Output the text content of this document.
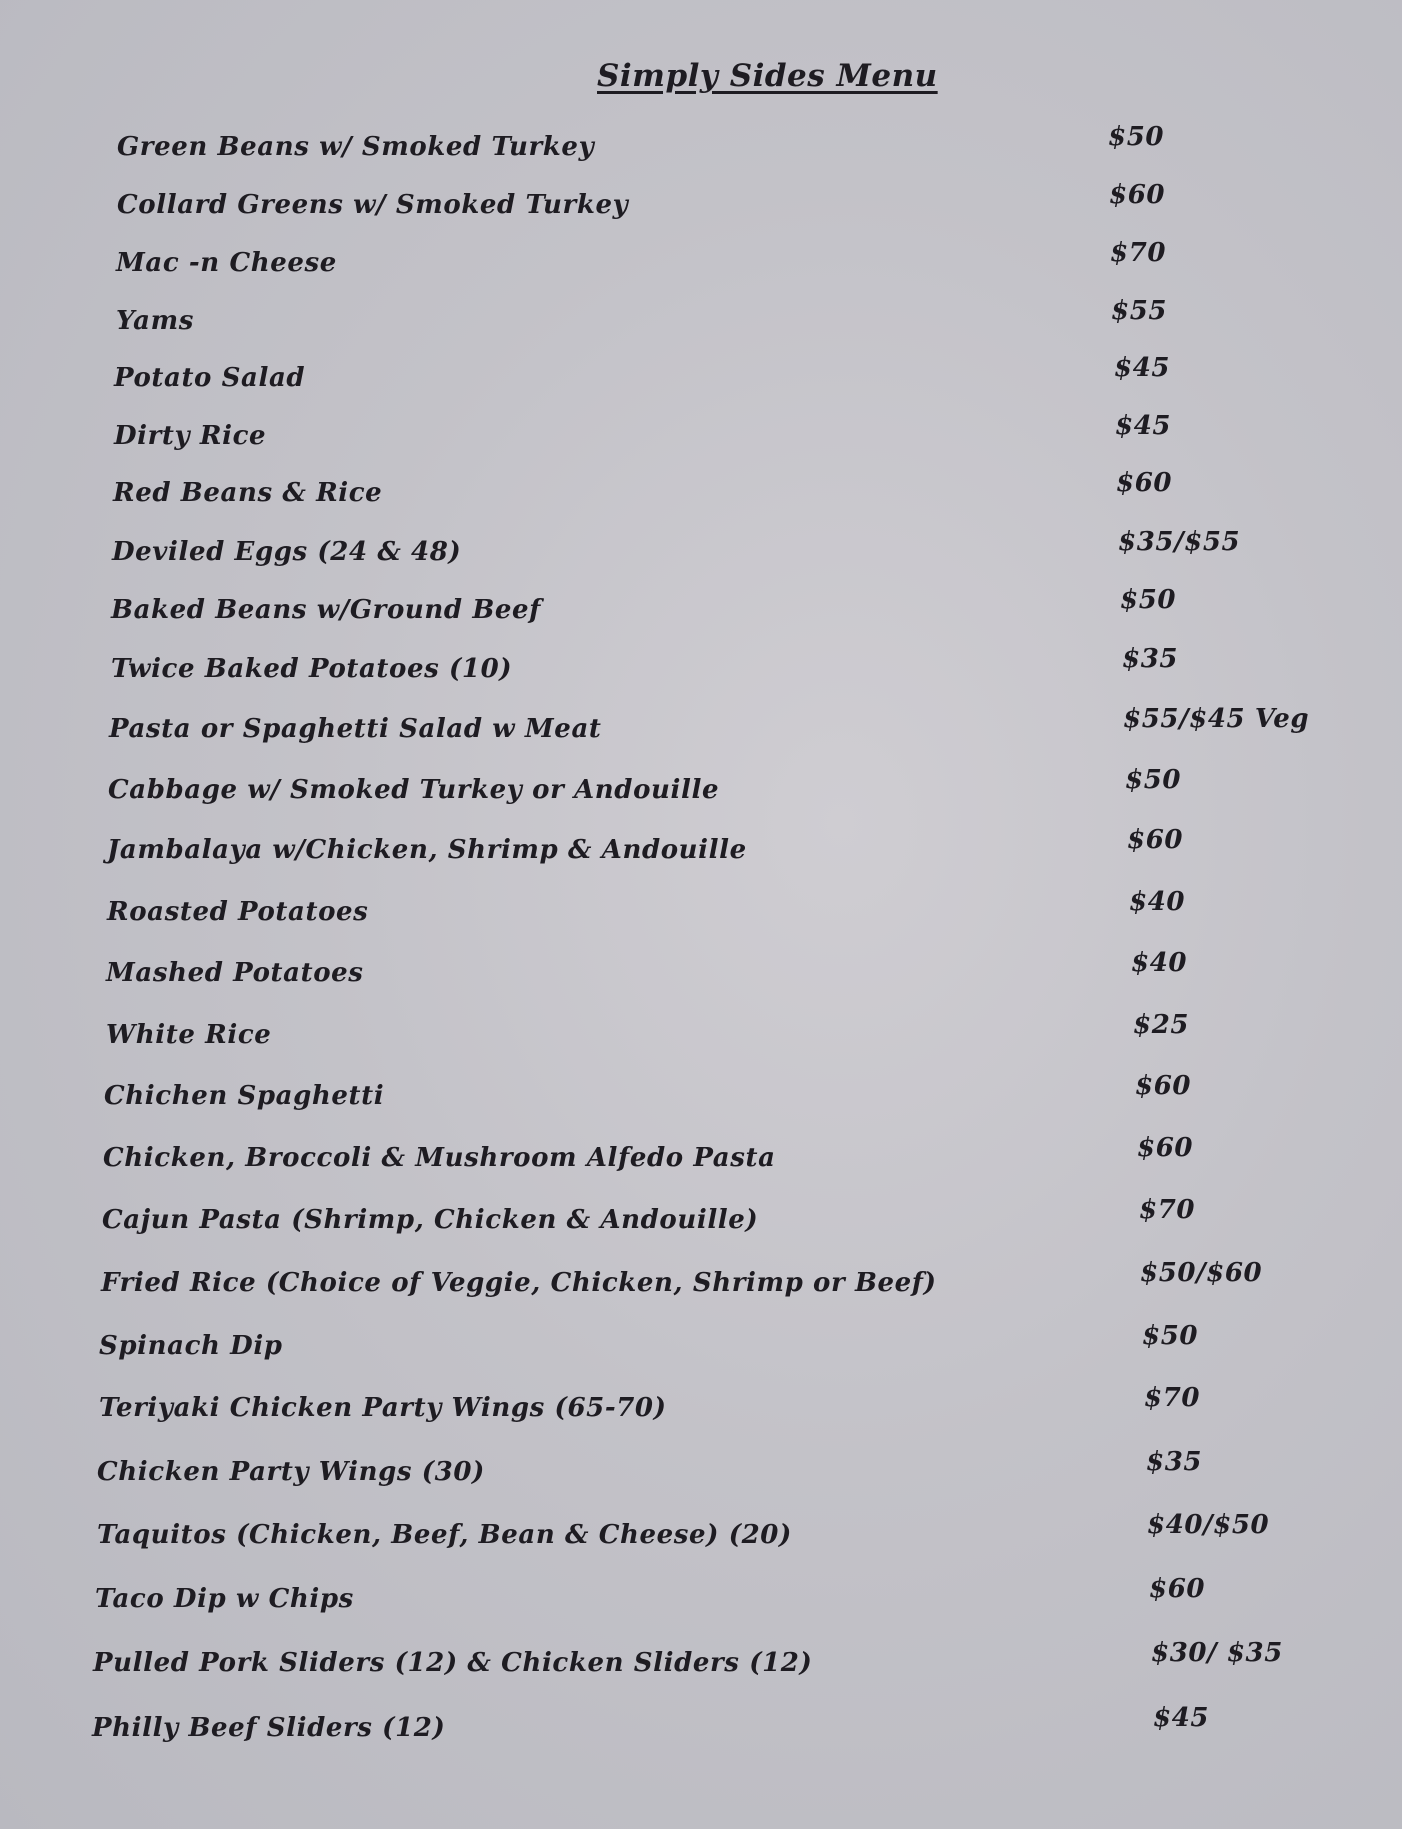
Simply Sides Menu
Green Beans w/ Smoked Turkey	$50
Collard Greens w/ Smoked Turkey	$60
Mac -n Cheese	$70
Yams	$55
Potato Salad	$45
Dirty Rice	$45
Red Beans & Rice	$60
Deviled Eggs (24 & 48)	$35/$55
Baked Beans w/Ground Beef	$50
Twice Baked Potatoes (10)	$35
Pasta or Spaghetti Salad w Meat	$55/$45 Veg
Cabbage w/ Smoked Turkey or Andouille	$50
Jambalaya w/Chicken, Shrimp & Andouille	$60
Roasted Potatoes	$40
Mashed Potatoes	$40
White Rice	$25
Chichen Spaghetti	$60
Chicken, Broccoli & Mushroom Alfedo Pasta	$60
Cajun Pasta (Shrimp, Chicken & Andouille)	$70
Fried Rice (Choice of Veggie, Chicken, Shrimp or Beef)	$50/$60
Spinach Dip	$50
Teriyaki Chicken Party Wings (65-70)	$70
Chicken Party Wings (30)	$35
Taquitos (Chicken, Beef, Bean & Cheese) (20)	$40/$50
Taco Dip w Chips	$60
Pulled Pork Sliders (12) & Chicken Sliders (12)	$30/ $35
Philly Beef Sliders (12)	$45
